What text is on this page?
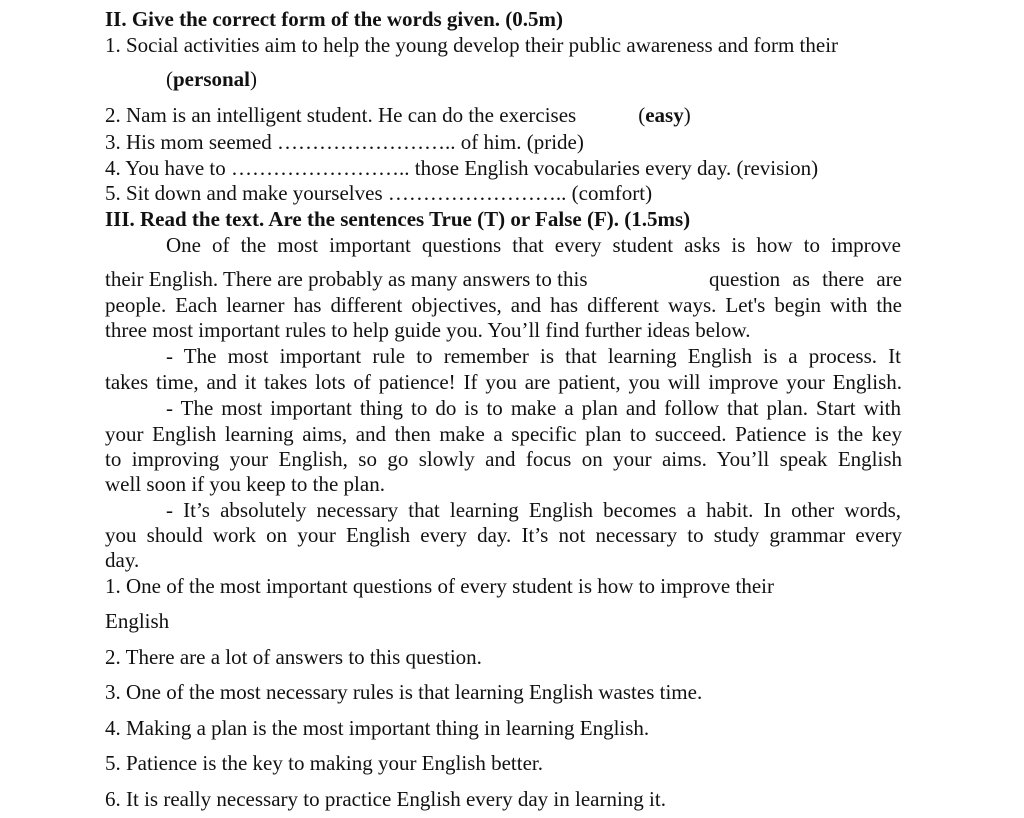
II. Give the correct form of the words given. (0.5m)
1. Social activities aim to help the young develop their public awareness and form their
(personal)
2. Nam is an intelligent student. He can do the exercises	(easy)
3. His mom seemed …………………….. of him. (pride)
4. You have to …………………….. those English vocabularies every day. (revision)
5. Sit down and make yourselves …………………….. (comfort)
III. Read the text. Are the sentences True (T) or False (F). (1.5ms)
One of the most important questions that every student asks is how to improve
their English. There are probably as many answers to this	question as there are
people. Each learner has different objectives, and has different ways. Let's begin with the
three most important rules to help guide you. You’ll find further ideas below.
- The most important rule to remember is that learning English is a process. It
takes time, and it takes lots of patience! If you are patient, you will improve your English.
- The most important thing to do is to make a plan and follow that plan. Start with
your English learning aims, and then make a specific plan to succeed. Patience is the key
to improving your English, so go slowly and focus on your aims. You’ll speak English
well soon if you keep to the plan.
- It’s absolutely necessary that learning English becomes a habit. In other words,
you should work on your English every day. It’s not necessary to study grammar every
day.
1. One of the most important questions of every student is how to improve their
English
2. There are a lot of answers to this question.
3. One of the most necessary rules is that learning English wastes time.
4. Making a plan is the most important thing in learning English.
5. Patience is the key to making your English better.
6. It is really necessary to practice English every day in learning it.
